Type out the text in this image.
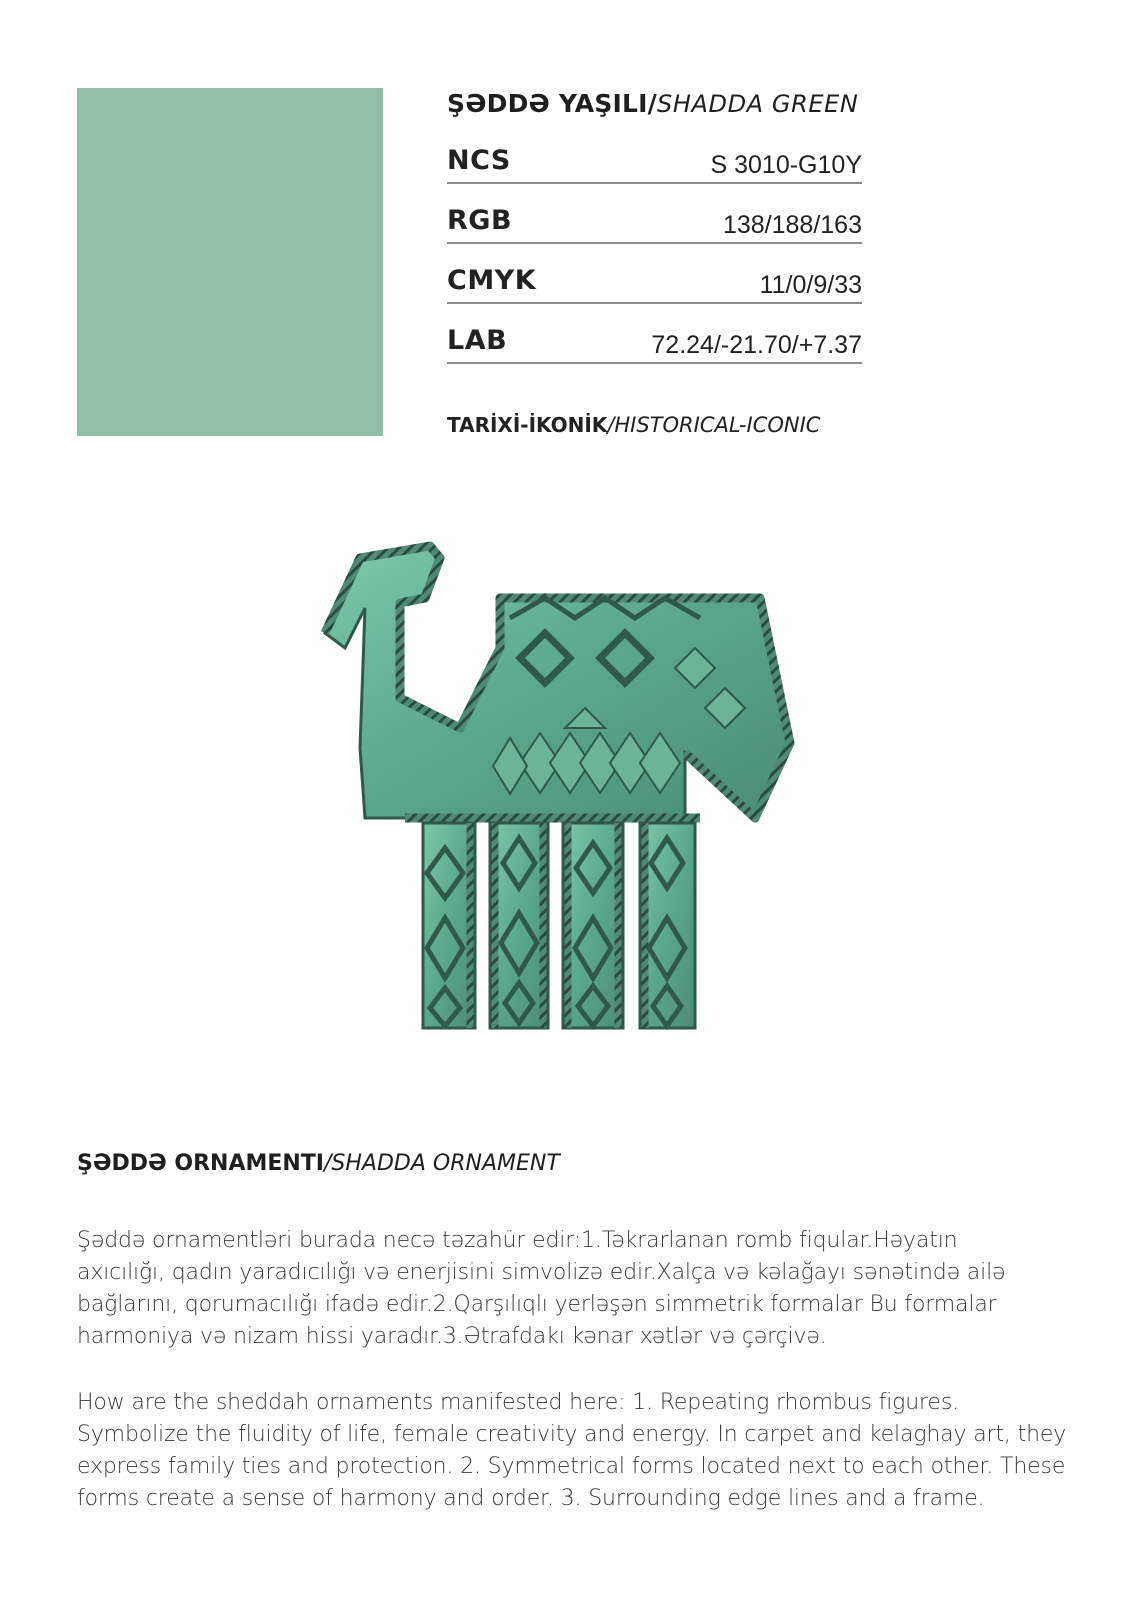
ŞƏDDƏ YAŞILI/SHADDA GREEN
NCS	S 3010-G10Y
RGB	138/188/163
CMYK	11/0/9/33
LAB	72.24/-21.70/+7.37
TARİXİ-İKONİK/HISTORICAL-ICONIC
ŞƏDDƏ ORNAMENTI/SHADDA ORNAMENT

Şəddə ornamentləri burada necə təzahür edir:1.Təkrarlanan romb fiqular.Həyatın axıcılığı, qadın yaradıcılığı və enerjisini simvolizə edir.Xalça və kəlağayı sənətində ailə bağlarını, qorumacılığı ifadə edir.2.Qarşılıqlı yerləşən simmetrik formalar Bu formalar harmoniya və nizam hissi yaradır.3.Ətrafdakı kənar xətlər və çərçivə.

How are the sheddah ornaments manifested here: 1. Repeating rhombus figures. Symbolize the fluidity of life, female creativity and energy. In carpet and kelaghay art, they express family ties and protection. 2. Symmetrical forms located next to each other. These forms create a sense of harmony and order. 3. Surrounding edge lines and a frame.
